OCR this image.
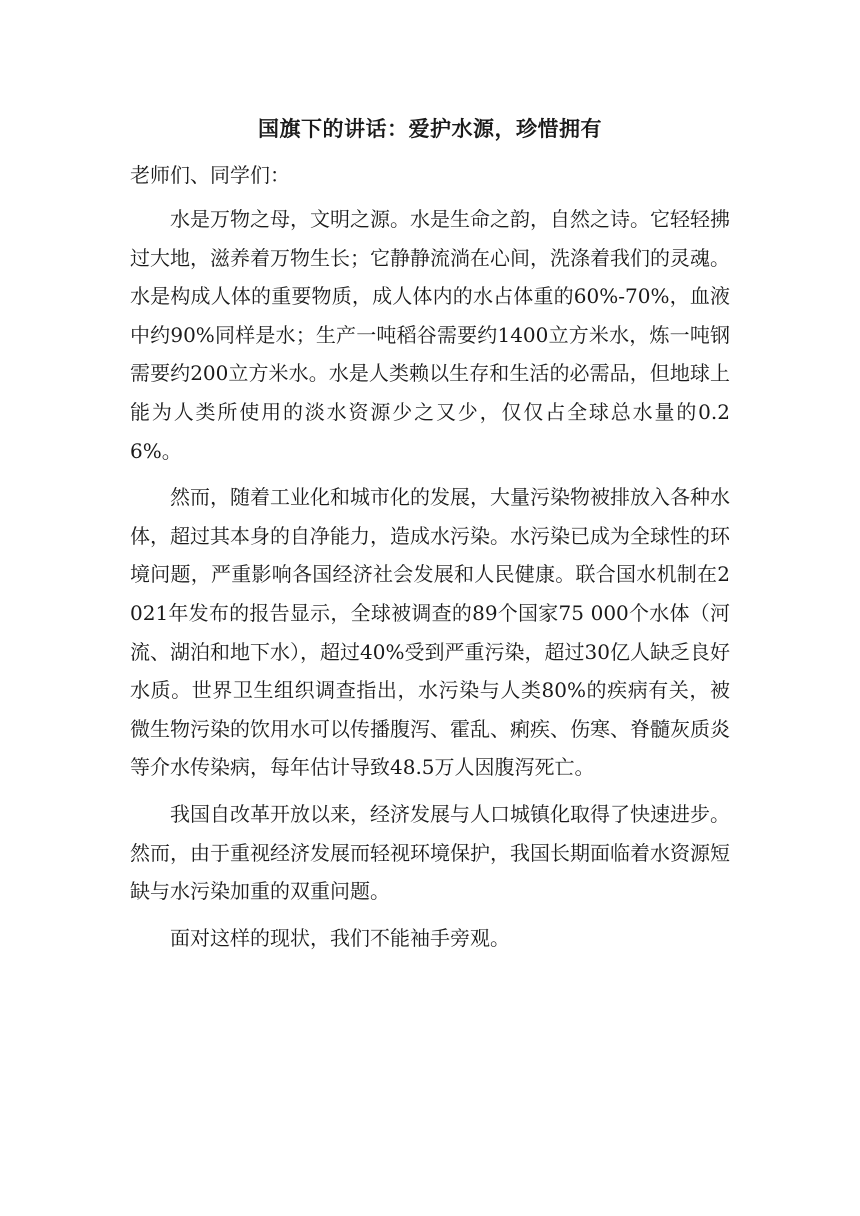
国旗下的讲话：爱护水源，珍惜拥有
老师们、同学们：

水是万物之母，文明之源。水是生命之韵，自然之诗。它轻轻拂过大地，滋养着万物生长；它静静流淌在心间，洗涤着我们的灵魂。水是构成人体的重要物质，成人体内的水占体重的60%-70%，血液中约90%同样是水；生产一吨稻谷需要约1400立方米水，炼一吨钢需要约200立方米水。水是人类赖以生存和生活的必需品，但地球上能为人类所使用的淡水资源少之又少，仅仅占全球总水量的0.26%。

然而，随着工业化和城市化的发展，大量污染物被排放入各种水体，超过其本身的自净能力，造成水污染。水污染已成为全球性的环境问题，严重影响各国经济社会发展和人民健康。联合国水机制在2021年发布的报告显示，全球被调查的89个国家75 000个水体（河流、湖泊和地下水），超过40%受到严重污染，超过30亿人缺乏良好水质。世界卫生组织调查指出，水污染与人类80%的疾病有关，被微生物污染的饮用水可以传播腹泻、霍乱、痢疾、伤寒、脊髓灰质炎等介水传染病，每年估计导致48.5万人因腹泻死亡。

我国自改革开放以来，经济发展与人口城镇化取得了快速进步。然而，由于重视经济发展而轻视环境保护，我国长期面临着水资源短缺与水污染加重的双重问题。

面对这样的现状，我们不能袖手旁观。
